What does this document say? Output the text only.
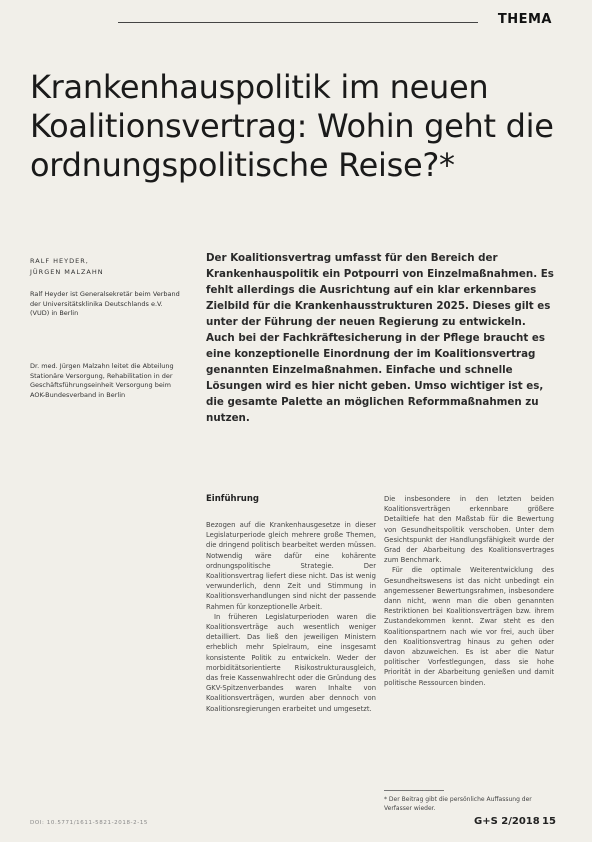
THEMA
Krankenhauspolitik im neuen Koalitionsvertrag: Wohin geht die ordnungspolitische Reise?*
RALF HEYDER,
JÜRGEN MALZAHN

Ralf Heyder ist Generalsekretär beim Verband der Universitätsklinika Deutschlands e.V. (VUD) in Berlin

Dr. med. Jürgen Malzahn leitet die Abteilung Stationäre Versorgung, Rehabilitation in der Geschäftsführungseinheit Versorgung beim AOK-Bundesverband in Berlin

Der Koalitionsvertrag umfasst für den Bereich der Krankenhauspolitik ein Potpourri von Einzelmaßnahmen. Es fehlt allerdings die Ausrichtung auf ein klar erkennbares Zielbild für die Krankenhausstrukturen 2025. Dieses gilt es unter der Führung der neuen Regierung zu entwickeln. Auch bei der Fachkräftesicherung in der Pflege braucht es eine konzeptionelle Einordnung der im Koalitionsvertrag genannten Einzelmaßnahmen. Einfache und schnelle Lösungen wird es hier nicht geben. Umso wichtiger ist es, die gesamte Palette an möglichen Reformmaßnahmen zu nutzen.

Einführung

Bezogen auf die Krankenhausgesetze in dieser Legislaturperiode gleich mehrere große Themen, die dringend politisch bearbeitet werden müssen. Notwendig wäre dafür eine kohärente ordnungspolitische Strategie. Der Koalitionsvertrag liefert diese nicht. Das ist wenig verwunderlich, denn Zeit und Stimmung in Koalitionsverhandlungen sind nicht der passende Rahmen für konzeptionelle Arbeit.

In früheren Legislaturperioden waren die Koalitionsverträge auch wesentlich weniger detailliert. Das ließ den jeweiligen Ministern erheblich mehr Spielraum, eine insgesamt konsistente Politik zu entwickeln. Weder der morbiditätsorientierte Risikostrukturausgleich, das freie Kassenwahlrecht oder die Gründung des GKV-Spitzenverbandes waren Inhalte von Koalitionsverträgen, wurden aber dennoch von Koalitionsregierungen erarbeitet und umgesetzt.

Die insbesondere in den letzten beiden Koalitionsverträgen erkennbare größere Detailtiefe hat den Maßstab für die Bewertung von Gesundheitspolitik verschoben. Unter dem Gesichtspunkt der Handlungsfähigkeit wurde der Grad der Abarbeitung des Koalitionsvertrages zum Benchmark.

Für die optimale Weiterentwicklung des Gesundheitswesens ist das nicht unbedingt ein angemessener Bewertungsrahmen, insbesondere dann nicht, wenn man die oben genannten Restriktionen bei Koalitionsverträgen bzw. ihrem Zustandekommen kennt. Zwar steht es den Koalitionspartnern nach wie vor frei, auch über den Koalitionsvertrag hinaus zu gehen oder davon abzuweichen. Es ist aber die Natur politischer Vorfestlegungen, dass sie hohe Priorität in der Abarbeitung genießen und damit politische Ressourcen binden.

* Der Beitrag gibt die persönliche Auffassung der Verfasser wieder.

DOI: 10.5771/1611-5821-2018-2-15	G+S 2/2018 15
